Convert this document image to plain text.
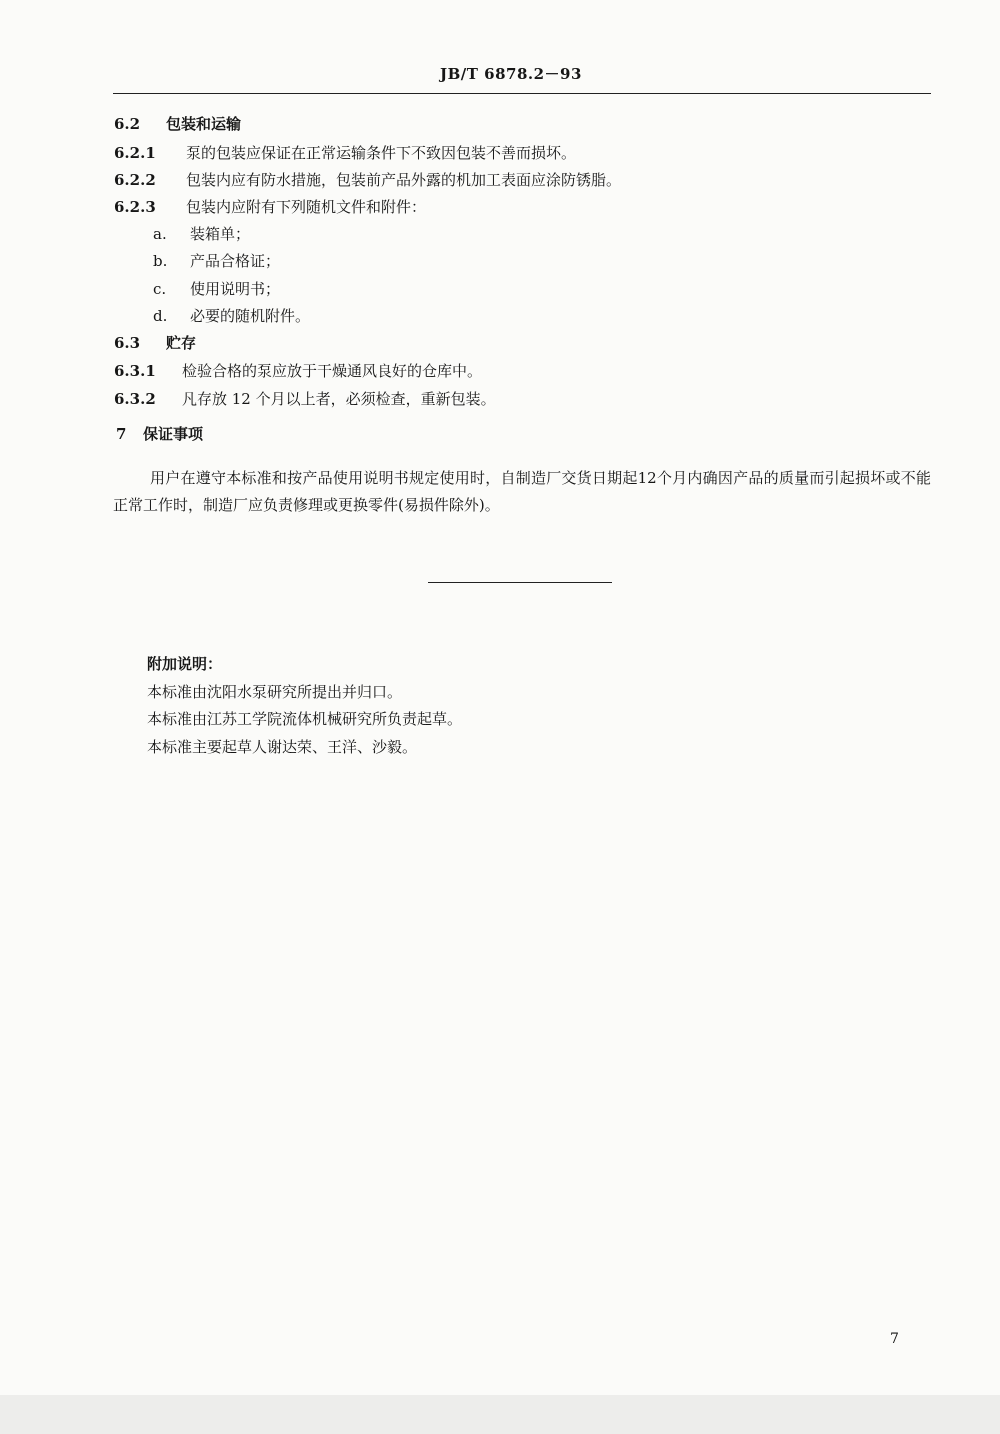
JB/T 6878.2－93
6.2 包装和运输
6.2.1 泵的包装应保证在正常运输条件下不致因包装不善而损坏。
6.2.2 包装内应有防水措施，包装前产品外露的机加工表面应涂防锈脂。
6.2.3 包装内应附有下列随机文件和附件：
a. 装箱单；
b. 产品合格证；
c. 使用说明书；
d. 必要的随机附件。
6.3 贮存
6.3.1 检验合格的泵应放于干燥通风良好的仓库中。
6.3.2 凡存放 12 个月以上者，必须检查，重新包装。
7 保证事项
用户在遵守本标准和按产品使用说明书规定使用时，自制造厂交货日期起12个月内确因产品的质量而引起损坏或不能正常工作时，制造厂应负责修理或更换零件(易损件除外)。
附加说明：
本标准由沈阳水泵研究所提出并归口。
本标准由江苏工学院流体机械研究所负责起草。
本标准主要起草人谢达荣、王洋、沙毅。
7
